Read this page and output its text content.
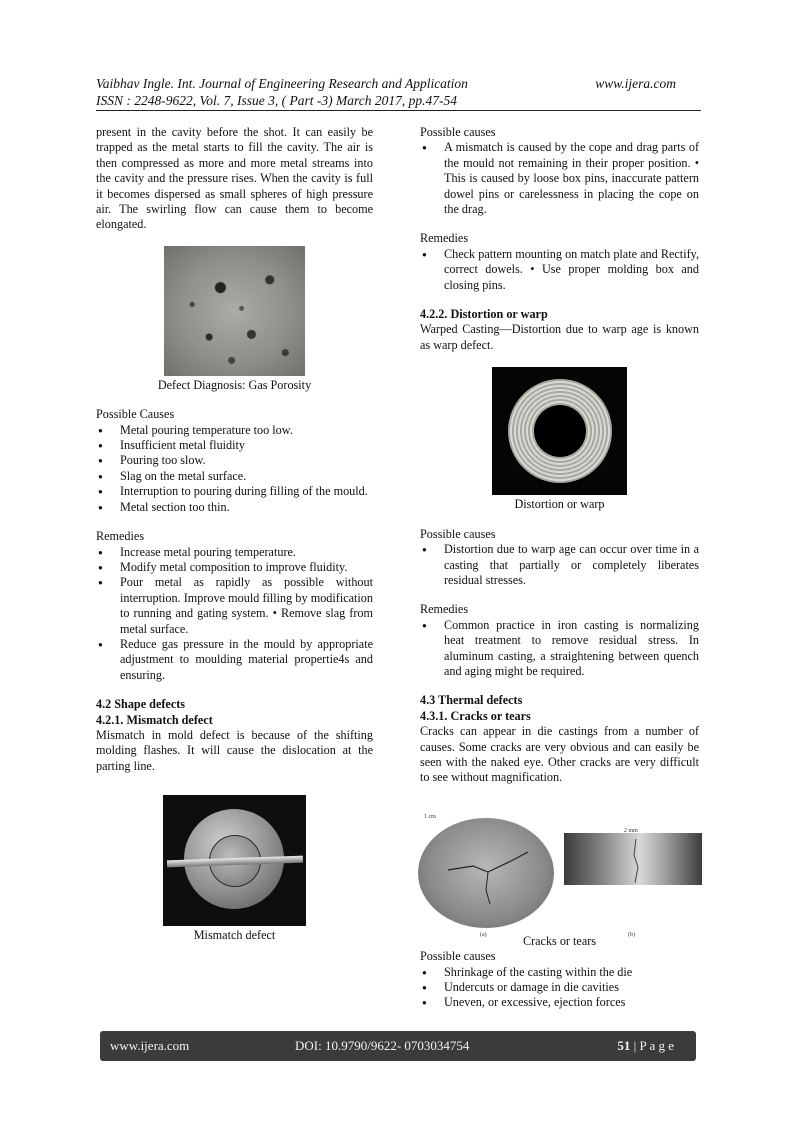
Vaibhav Ingle. Int. Journal of Engineering Research and Application	www.ijera.com
ISSN : 2248-9622, Vol. 7, Issue 3, ( Part -3) March 2017, pp.47-54

present in the cavity before the shot. It can easily be trapped as the metal starts to fill the cavity. The air is then compressed as more and more metal streams into the cavity and the pressure rises. When the cavity is full it becomes dispersed as small spheres of high pressure air. The swirling flow can cause them to become elongated.

Defect Diagnosis: Gas Porosity

Possible Causes

● Metal pouring temperature too low.
● Insufficient metal fluidity
● Pouring too slow.
● Slag on the metal surface.
● Interruption to pouring during filling of the mould.
● Metal section too thin.

Remedies

● Increase metal pouring temperature.
● Modify metal composition to improve fluidity.
● Pour metal as rapidly as possible without interruption. Improve mould filling by modification to running and gating system. • Remove slag from metal surface.
● Reduce gas pressure in the mould by appropriate adjustment to moulding material propertie4s and ensuring.

4.2 Shape defects

4.2.1. Mismatch defect

Mismatch in mold defect is because of the shifting molding flashes. It will cause the dislocation at the parting line.

Mismatch defect

Possible causes

● A mismatch is caused by the cope and drag parts of the mould not remaining in their proper position. • This is caused by loose box pins, inaccurate pattern dowel pins or carelessness in placing the cope on the drag.

Remedies

● Check pattern mounting on match plate and Rectify, correct dowels. • Use proper molding box and closing pins.

4.2.2. Distortion or warp

Warped Casting—Distortion due to warp age is known as warp defect.

Distortion or warp

Possible causes

● Distortion due to warp age can occur over time in a casting that partially or completely liberates residual stresses.

Remedies

● Common practice in iron casting is normalizing heat treatment to remove residual stress. In aluminum casting, a straightening between quench and aging might be required.

4.3 Thermal defects

4.3.1. Cracks or tears

Cracks can appear in die castings from a number of causes. Some cracks are very obvious and can easily be seen with the naked eye. Other cracks are very difficult to see without magnification.

1 cm
(a)
2 mm
(b)
Cracks or tears

Possible causes

● Shrinkage of the casting within the die
● Undercuts or damage in die cavities
● Uneven, or excessive, ejection forces
www.ijera.com	DOI: 10.9790/9622- 0703034754	51 | P a g e
